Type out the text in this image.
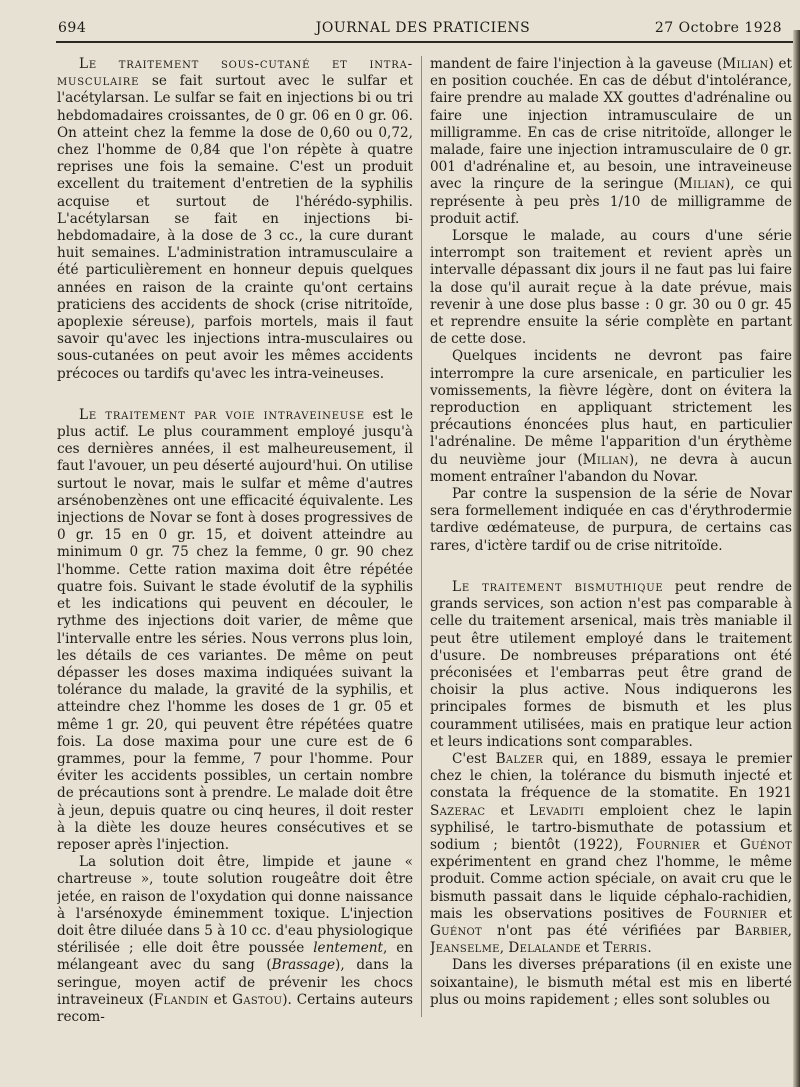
694	JOURNAL DES PRATICIENS	27 Octobre 1928

Le traitement sous-cutané et intra-musculaire se fait surtout avec le sulfar et l'acétylarsan. Le sulfar se fait en injections bi ou tri hebdomadaires croissantes, de 0 gr. 06 en 0 gr. 06. On atteint chez la femme la dose de 0,60 ou 0,72, chez l'homme de 0,84 que l'on répète à quatre reprises une fois la semaine. C'est un produit excellent du traitement d'entretien de la syphilis acquise et surtout de l'hérédo-syphilis. L'acétylarsan se fait en injections bi-hebdomadaire, à la dose de 3 cc., la cure durant huit semaines. L'administration intramusculaire a été particulièrement en honneur depuis quelques années en raison de la crainte qu'ont certains praticiens des accidents de shock (crise nitritoïde, apoplexie séreuse), parfois mortels, mais il faut savoir qu'avec les injections intra-musculaires ou sous-cutanées on peut avoir les mêmes accidents précoces ou tardifs qu'avec les intra-veineuses.

Le traitement par voie intraveineuse est le plus actif. Le plus couramment employé jusqu'à ces dernières années, il est malheureusement, il faut l'avouer, un peu déserté aujourd'hui. On utilise surtout le novar, mais le sulfar et même d'autres arsénobenzènes ont une efficacité équivalente. Les injections de Novar se font à doses progressives de 0 gr. 15 en 0 gr. 15, et doivent atteindre au minimum 0 gr. 75 chez la femme, 0 gr. 90 chez l'homme. Cette ration maxima doit être répétée quatre fois. Suivant le stade évolutif de la syphilis et les indications qui peuvent en découler, le rythme des injections doit varier, de même que l'intervalle entre les séries. Nous verrons plus loin, les détails de ces variantes. De même on peut dépasser les doses maxima indiquées suivant la tolérance du malade, la gravité de la syphilis, et atteindre chez l'homme les doses de 1 gr. 05 et même 1 gr. 20, qui peuvent être répétées quatre fois. La dose maxima pour une cure est de 6 grammes, pour la femme, 7 pour l'homme. Pour éviter les accidents possibles, un certain nombre de précautions sont à prendre. Le malade doit être à jeun, depuis quatre ou cinq heures, il doit rester à la diète les douze heures consécutives et se reposer après l'injection.

La solution doit être, limpide et jaune « chartreuse », toute solution rougeâtre doit être jetée, en raison de l'oxydation qui donne naissance à l'arsénoxyde éminemment toxique. L'injection doit être diluée dans 5 à 10 cc. d'eau physiologique stérilisée ; elle doit être poussée lentement, en mélangeant avec du sang (Brassage), dans la seringue, moyen actif de prévenir les chocs intraveineux (Flandin et Gastou). Certains auteurs recom-

mandent de faire l'injection à la gaveuse (Milian) et en position couchée. En cas de début d'intolérance, faire prendre au malade XX gouttes d'adrénaline ou faire une injection intramusculaire de un milligramme. En cas de crise nitritoïde, allonger le malade, faire une injection intramusculaire de 0 gr. 001 d'adrénaline et, au besoin, une intraveineuse avec la rinçure de la seringue (Milian), ce qui représente à peu près 1/10 de milligramme de produit actif.

Lorsque le malade, au cours d'une série interrompt son traitement et revient après un intervalle dépassant dix jours il ne faut pas lui faire la dose qu'il aurait reçue à la date prévue, mais revenir à une dose plus basse : 0 gr. 30 ou 0 gr. 45 et reprendre ensuite la série complète en partant de cette dose.

Quelques incidents ne devront pas faire interrompre la cure arsenicale, en particulier les vomissements, la fièvre légère, dont on évitera la reproduction en appliquant strictement les précautions énoncées plus haut, en particulier l'adrénaline. De même l'apparition d'un érythème du neuvième jour (Milian), ne devra à aucun moment entraîner l'abandon du Novar.

Par contre la suspension de la série de Novar sera formellement indiquée en cas d'érythrodermie tardive œdémateuse, de purpura, de certains cas rares, d'ictère tardif ou de crise nitritoïde.

Le traitement bismuthique peut rendre de grands services, son action n'est pas comparable à celle du traitement arsenical, mais très maniable il peut être utilement employé dans le traitement d'usure. De nombreuses préparations ont été préconisées et l'embarras peut être grand de choisir la plus active. Nous indiquerons les principales formes de bismuth et les plus couramment utilisées, mais en pratique leur action et leurs indications sont comparables.

C'est Balzer qui, en 1889, essaya le premier chez le chien, la tolérance du bismuth injecté et constata la fréquence de la stomatite. En 1921 Sazerac et Levaditi emploient chez le lapin syphilisé, le tartro-bismuthate de potassium et sodium ; bientôt (1922), Fournier et Guénot expérimentent en grand chez l'homme, le même produit. Comme action spéciale, on avait cru que le bismuth passait dans le liquide céphalo-rachidien, mais les observations positives de Fournier et Guénot n'ont pas été vérifiées par Barbier, Jeanselme, Delalande et Terris.

Dans les diverses préparations (il en existe une soixantaine), le bismuth métal est mis en liberté plus ou moins rapidement ; elles sont solubles ou
